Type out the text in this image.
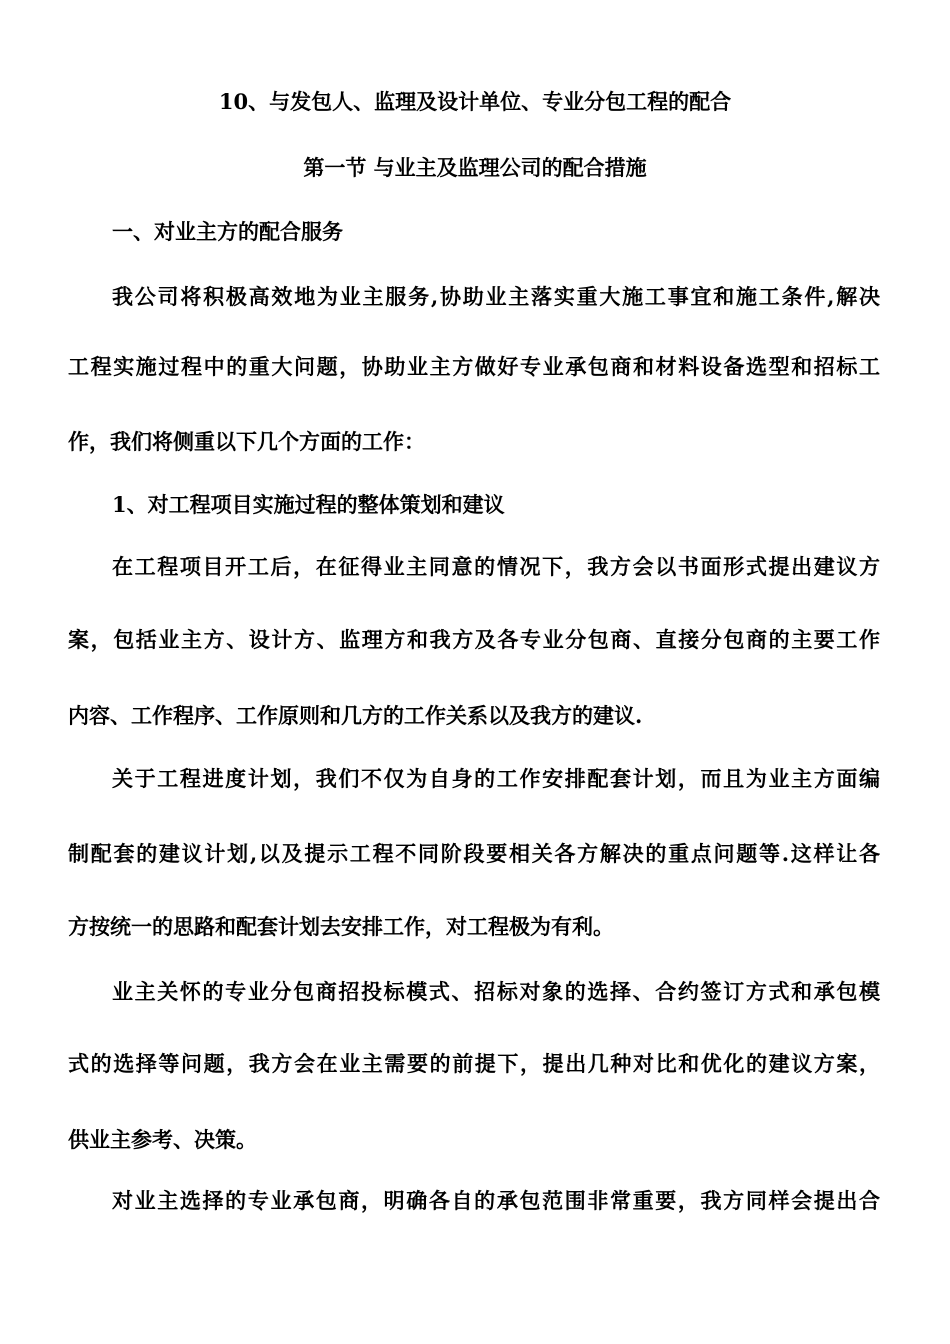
10、与发包人、监理及设计单位、专业分包工程的配合
第一节 与业主及监理公司的配合措施
一、对业主方的配合服务
我公司将积极高效地为业主服务,协助业主落实重大施工事宜和施工条件,解决
工程实施过程中的重大问题，协助业主方做好专业承包商和材料设备选型和招标工
作，我们将侧重以下几个方面的工作：
1、对工程项目实施过程的整体策划和建议
在工程项目开工后，在征得业主同意的情况下，我方会以书面形式提出建议方
案，包括业主方、设计方、监理方和我方及各专业分包商、直接分包商的主要工作
内容、工作程序、工作原则和几方的工作关系以及我方的建议.
关于工程进度计划，我们不仅为自身的工作安排配套计划，而且为业主方面编
制配套的建议计划,以及提示工程不同阶段要相关各方解决的重点问题等.这样让各
方按统一的思路和配套计划去安排工作，对工程极为有利。
业主关怀的专业分包商招投标模式、招标对象的选择、合约签订方式和承包模
式的选择等问题，我方会在业主需要的前提下，提出几种对比和优化的建议方案，
供业主参考、决策。
对业主选择的专业承包商，明确各自的承包范围非常重要，我方同样会提出合
